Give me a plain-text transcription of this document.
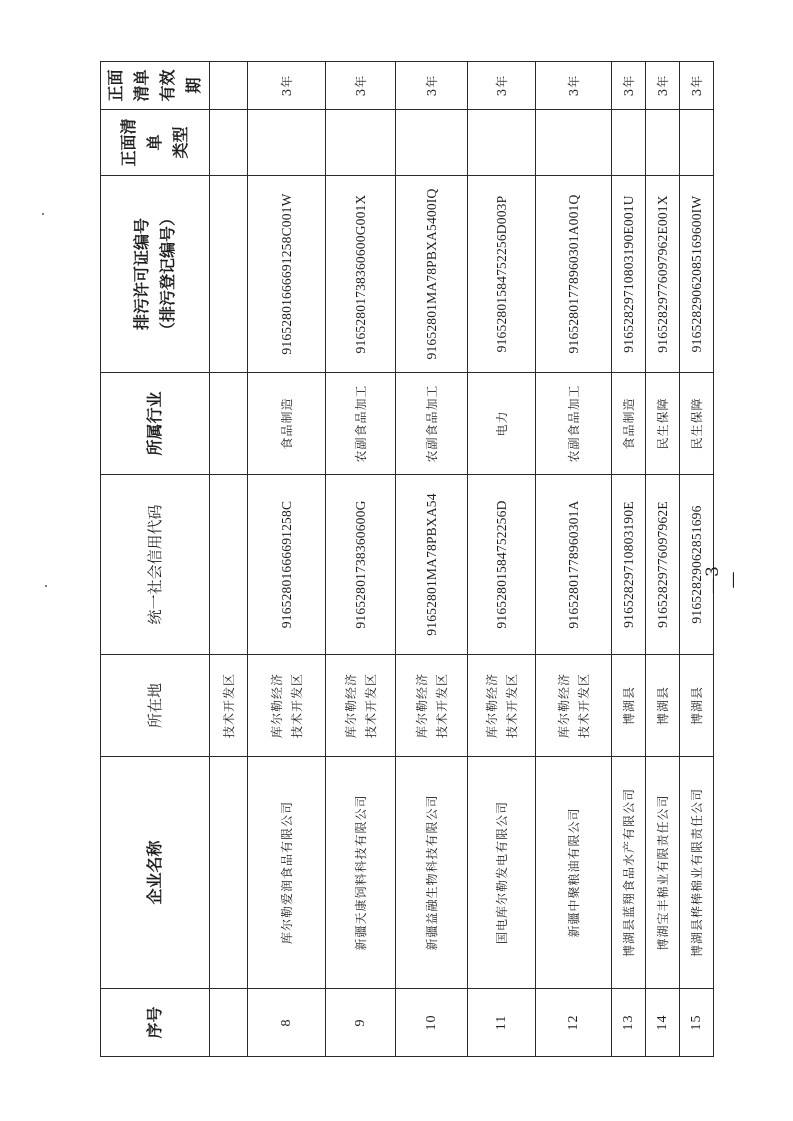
序号	企业名称	所在地	统一社会信用代码	所属行业	排污许可证编号 （排污登记编号）	正面清单 类型	正面清单 有效期

		技术开发区					
8	库尔勒爱润食品有限公司	库尔勒经济 技术开发区	91652801666691258C	食品制造	91652801666691258C001W		3年
9	新疆天康饲料科技有限公司	库尔勒经济 技术开发区	91652801738360600G	农副食品加工	91652801738360600G001X		3年
10	新疆益融生物科技有限公司	库尔勒经济 技术开发区	91652801MA78PBXA54	农副食品加工	91652801MA78PBXA5400IQ		3年
11	国电库尔勒发电有限公司	库尔勒经济 技术开发区	91652801584752256D	电力	91652801584752256D003P		3年
12	新疆中聚粮油有限公司	库尔勒经济 技术开发区	91652801778960301A	农副食品加工	91652801778960301A001Q		3年
13	博湖县蓝翔食品水产有限公司	博湖县	91652829710803190E	食品制造	91652829710803190E001U		3年
14	博湖宝丰棉业有限责任公司	博湖县	91652829776097962E	民生保障	91652829776097962E001X		3年
15	博湖县桦棒棉业有限责任公司	博湖县	91652829062851696	民生保障	91652829062085169600IW		3年
—3—
